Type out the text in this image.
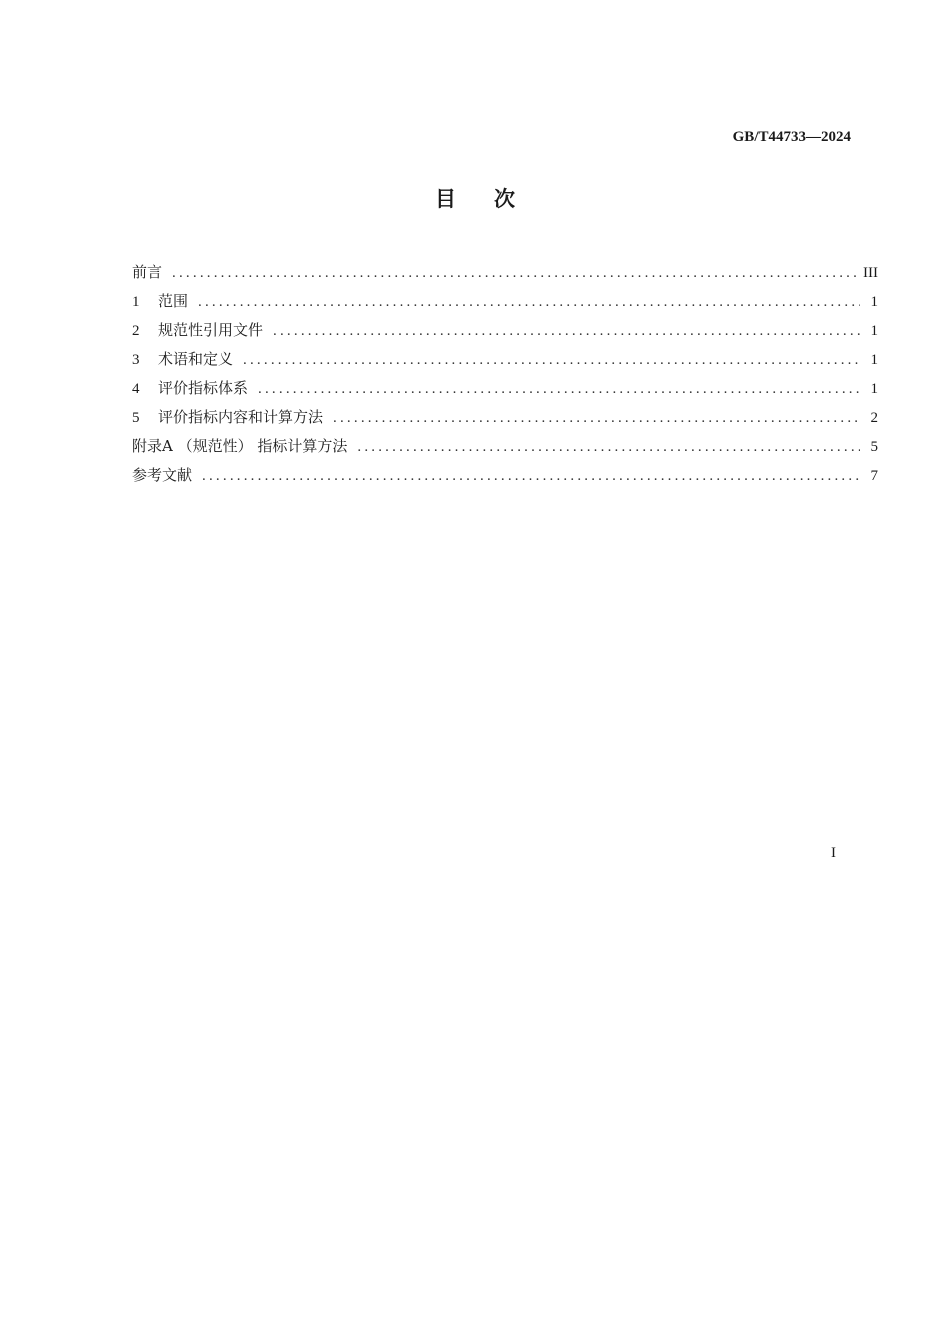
GB/T44733—2024
目 次
前言 .....	III
1	范围 .....	1
2	规范性引用文件 .....	1
3	术语和定义 .....	1
4	评价指标体系 .....	1
5	评价指标内容和计算方法 .....	2
附录A （规范性） 指标计算方法 .....	5
参考文献 .....	7
I
